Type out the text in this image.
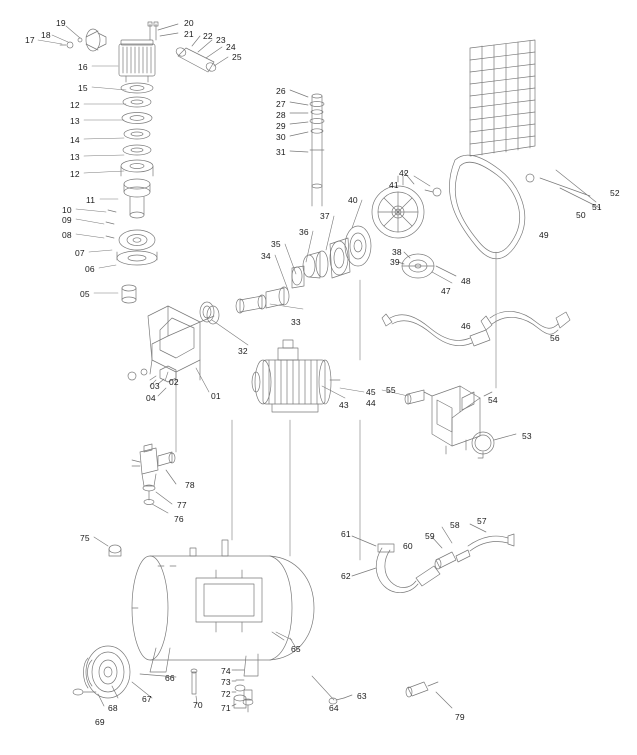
17 18
19
16
15
12
13
14
13
12
11
10
09
08
07
06
05
20
21 22 23
24
25
26
27
28
29
30
31
34
35
36
37
40
41
42
38
39
47
48
49
50
51
52
46
56
33
32
02
03
04	01
43 44
45 55
54
53
78
77
76
75	61
62
60
59
58 57
65
66
67
68
69
70
74
73
72
71	64
63
79
